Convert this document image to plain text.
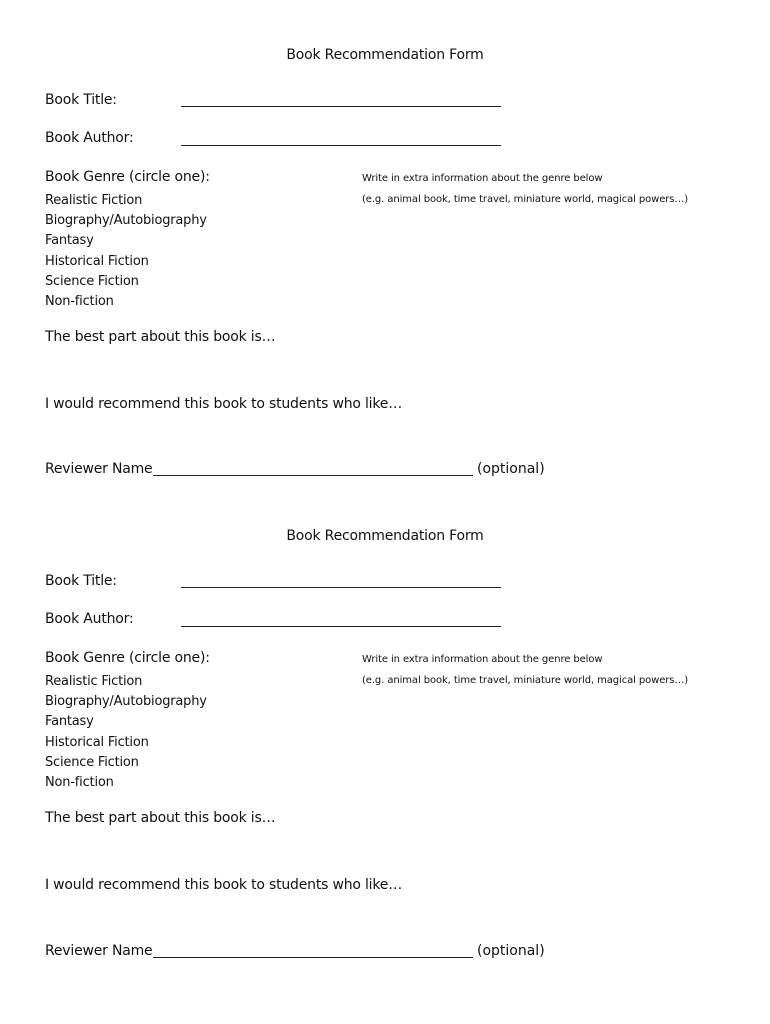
Book Recommendation Form
Book Title:
Book Author:
Book Genre (circle one):	Write in extra information about the genre below
(e.g. animal book, time travel, miniature world, magical powers…)
Realistic Fiction
Biography/Autobiography
Fantasy
Historical Fiction
Science Fiction
Non-fiction
The best part about this book is…
I would recommend this book to students who like…
Reviewer Name	(optional)
Book Recommendation Form
Book Title:
Book Author:
Book Genre (circle one):	Write in extra information about the genre below
(e.g. animal book, time travel, miniature world, magical powers…)
Realistic Fiction
Biography/Autobiography
Fantasy
Historical Fiction
Science Fiction
Non-fiction
The best part about this book is…
I would recommend this book to students who like…
Reviewer Name	(optional)
